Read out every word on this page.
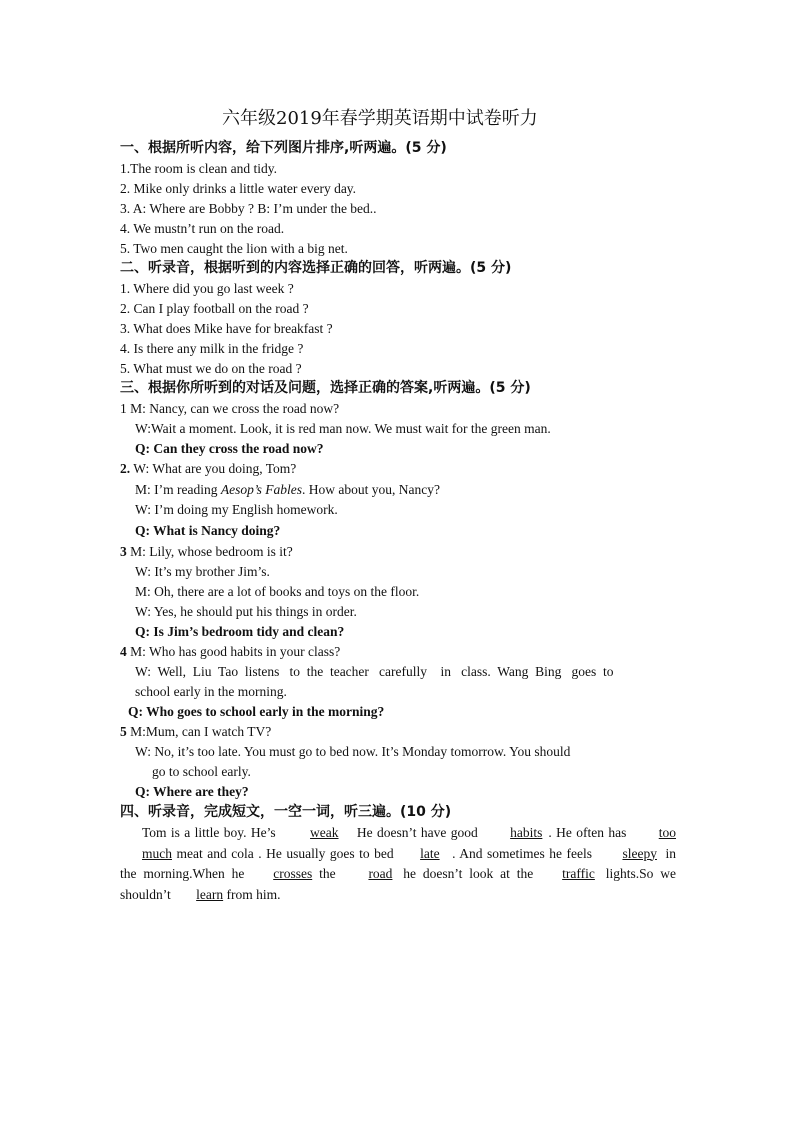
六年级2019年春学期英语期中试卷听力
一、根据所听内容，给下列图片排序,听两遍。(5 分)
1.The room is clean and tidy.
2. Mike only drinks a little water every day.
3. A: Where are Bobby ? B: I’m under the bed..
4. We mustn’t run on the road.
5. Two men caught the lion with a big net.
二、听录音，根据听到的内容选择正确的回答，听两遍。(5 分)
1. Where did you go last week ?
2. Can I play football on the road ?
3. What does Mike have for breakfast ?
4. Is there any milk in the fridge ?
5. What must we do on the road ?
三、根据你所听到的对话及问题，选择正确的答案,听两遍。(5 分)
1 M: Nancy, can we cross the road now?
W:Wait a moment. Look, it is red man now. We must wait for the green man.
Q: Can they cross the road now?
2. W: What are you doing, Tom?
M: I’m reading Aesop’s Fables. How about you, Nancy?
W: I’m doing my English homework.
Q: What is Nancy doing?
3 M: Lily, whose bedroom is it?
W: It’s my brother Jim’s.
M: Oh, there are a lot of books and toys on the floor.
W: Yes, he should put his things in order.
Q: Is Jim’s bedroom tidy and clean?
4 M: Who has good habits in your class?
W:  Well,  Liu  Tao  listens   to  the  teacher   carefully    in   class.  Wang  Bing   goes  to
school early in the morning.
Q: Who goes to school early in the morning?
5 M:Mum, can I watch TV?
W: No, it’s too late. You must go to bed now. It’s Monday tomorrow. You should
go to school early.
Q: Where are they?
四、听录音，完成短文，一空一词，听三遍。(10 分)
Tom is a little boy. He’s weak He doesn’t have good habits . He often has too much meat and cola . He usually goes to bed late . And sometimes he feels sleepy in the morning.When he crosses the road he doesn’t look at the traffic lights.So we shouldn’t learn from him.
